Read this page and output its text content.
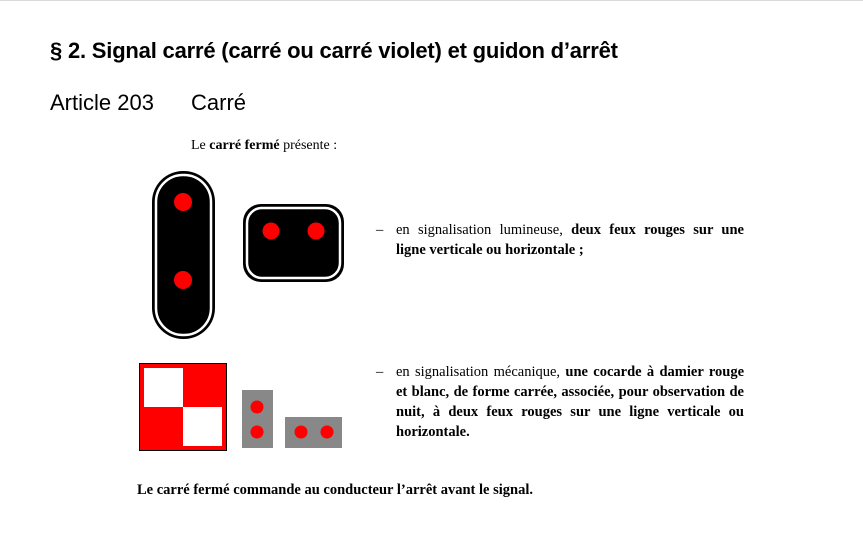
§ 2. Signal carré (carré ou carré violet) et guidon d’arrêt
Article 203 Carré
Le carré fermé présente :
– en signalisation lumineuse, deux feux rouges sur une ligne verticale ou horizontale ;
– en signalisation mécanique, une cocarde à damier rouge et blanc, de forme carrée, associée, pour observation de nuit, à deux feux rouges sur une ligne verticale ou horizontale.
Le carré fermé commande au conducteur l’arrêt avant le signal.
